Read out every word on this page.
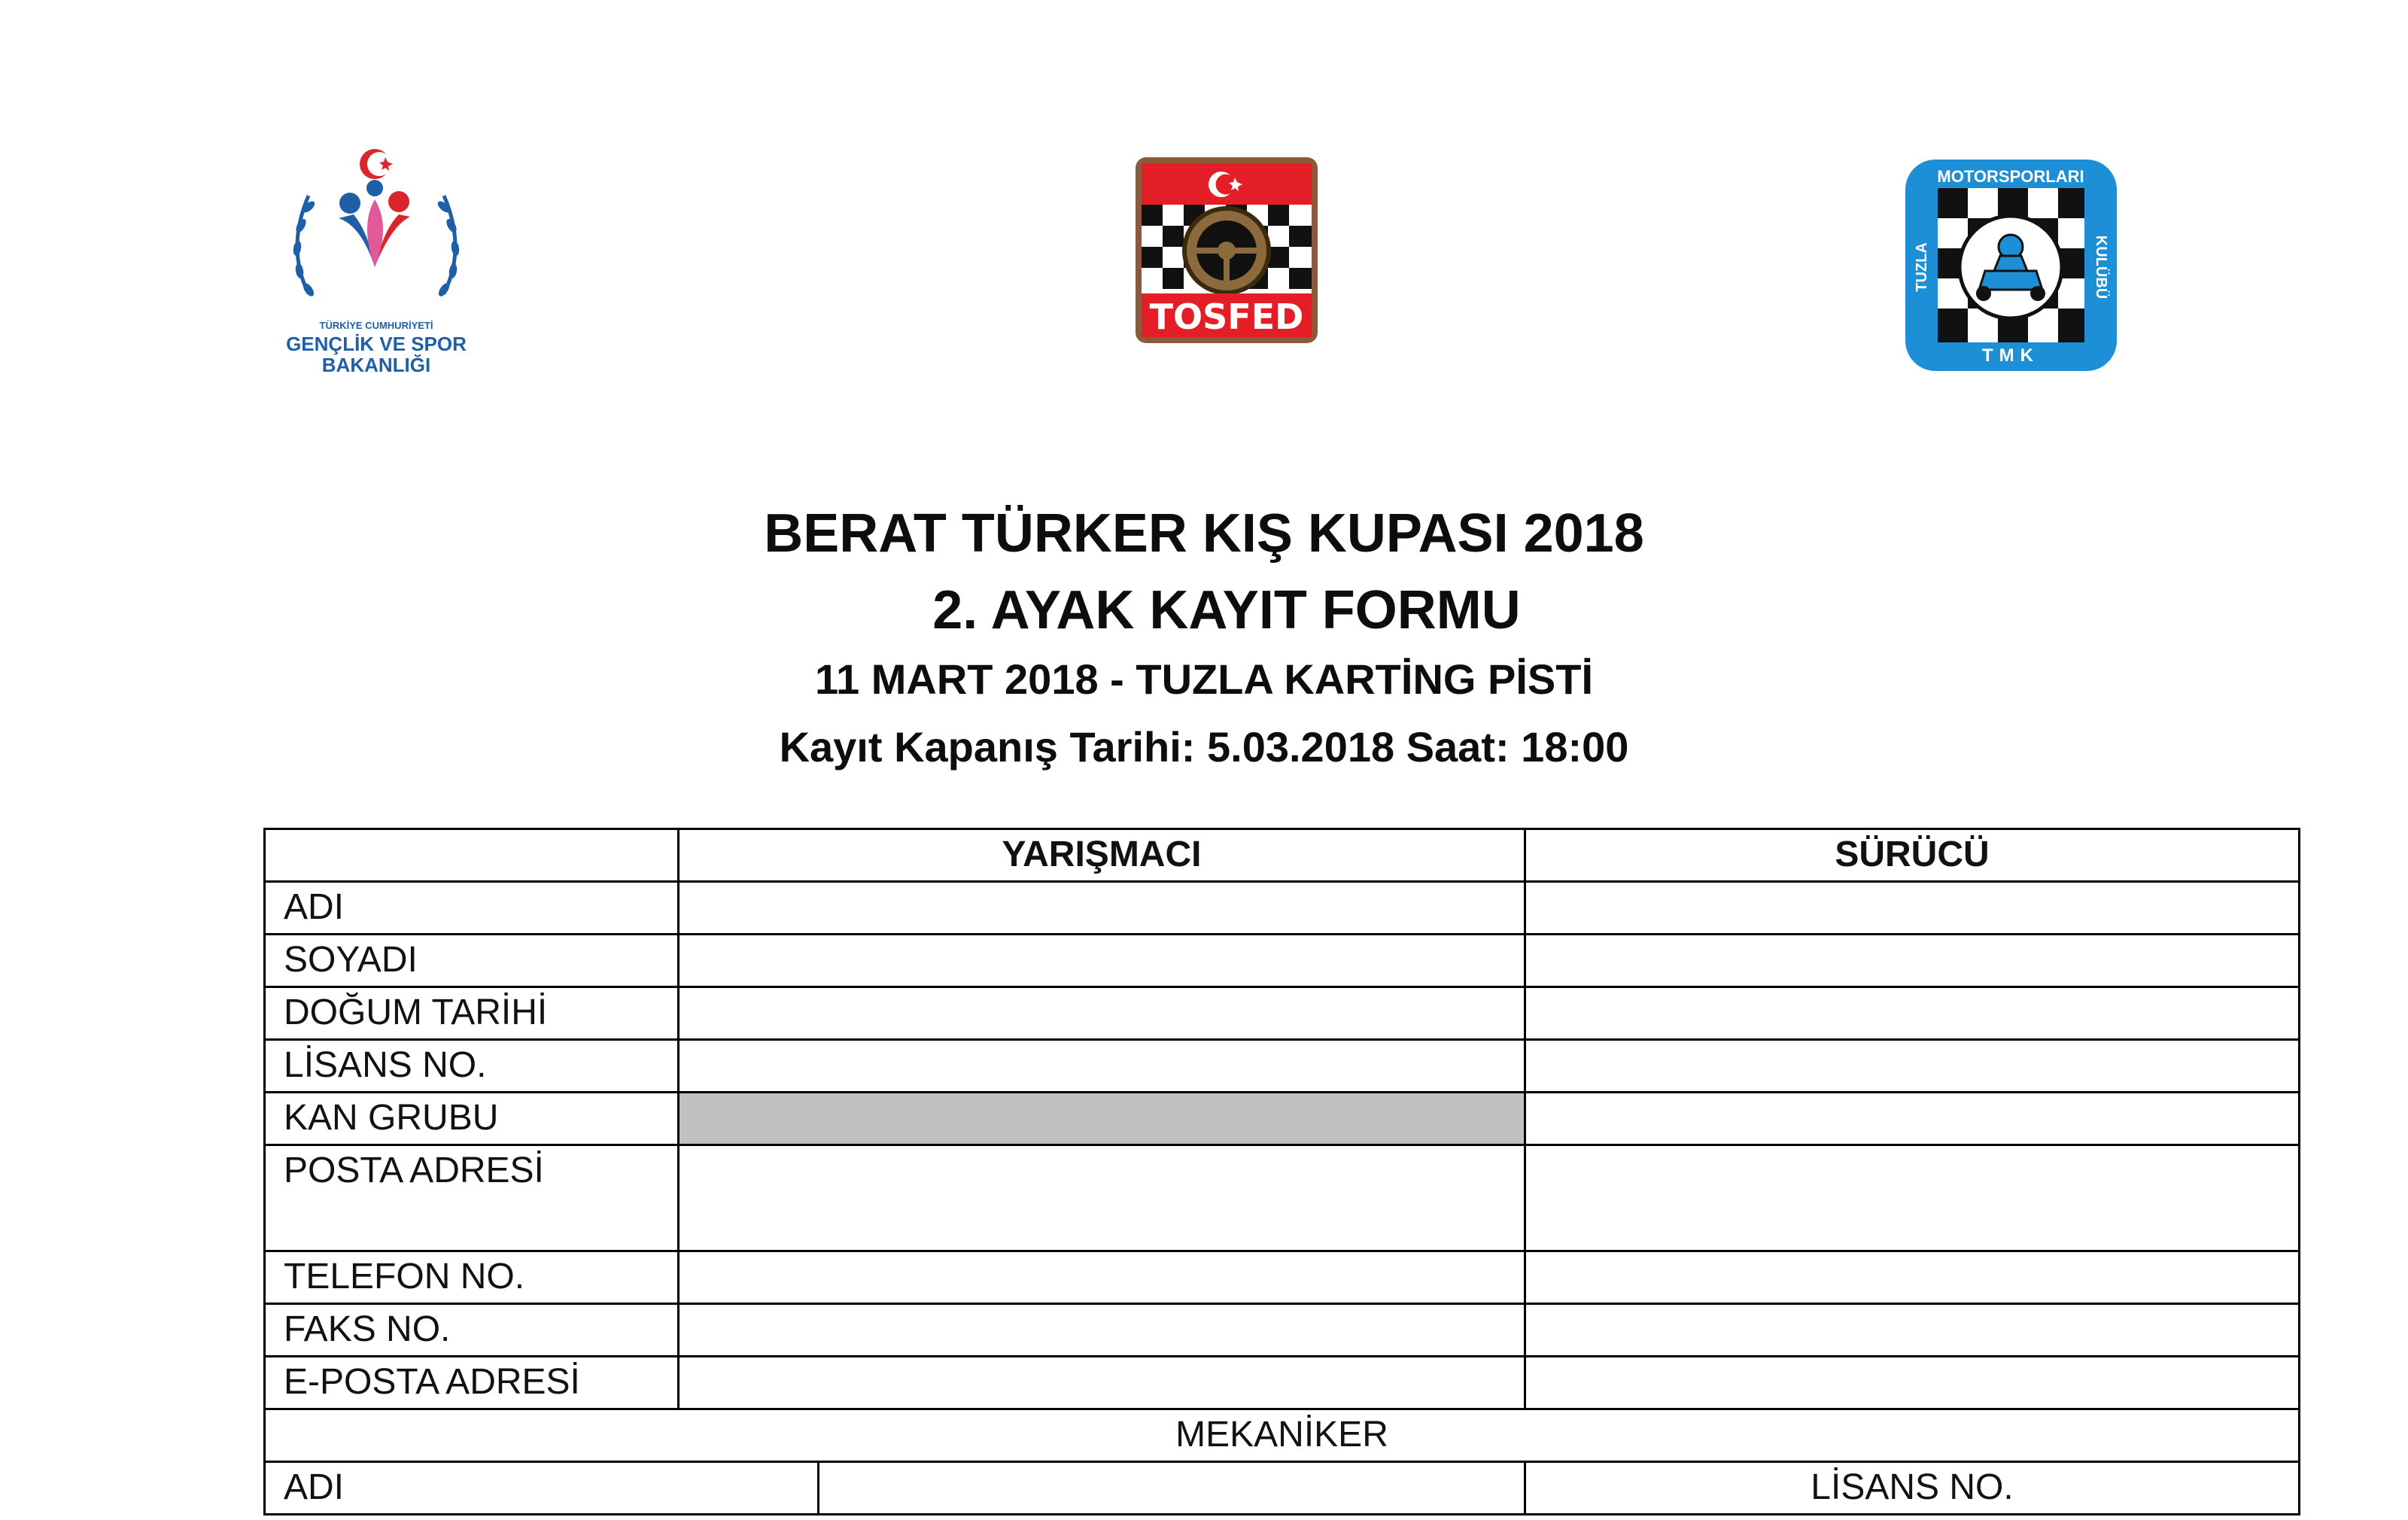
TÜRKİYE CUMHURİYETİ
GENÇLİK VE SPOR
BAKANLIĞI
TOSFED
MOTORSPORLARI
TUZLA	KULÜBÜ
TMK
BERAT TÜRKER KIŞ KUPASI 2018
2. AYAK KAYIT FORMU
11 MART 2018 - TUZLA KARTİNG PİSTİ
Kayıt Kapanış Tarihi: 5.03.2018 Saat: 18:00
	YARIŞMACI		SÜRÜCÜ
ADI			
SOYADI			
DOĞUM TARİHİ			
LİSANS NO.			
KAN GRUBU			
POSTA ADRESİ			
TELEFON NO.			
FAKS NO.			
E-POSTA ADRESİ			
MEKANİKER			
ADI			LİSANS NO.
